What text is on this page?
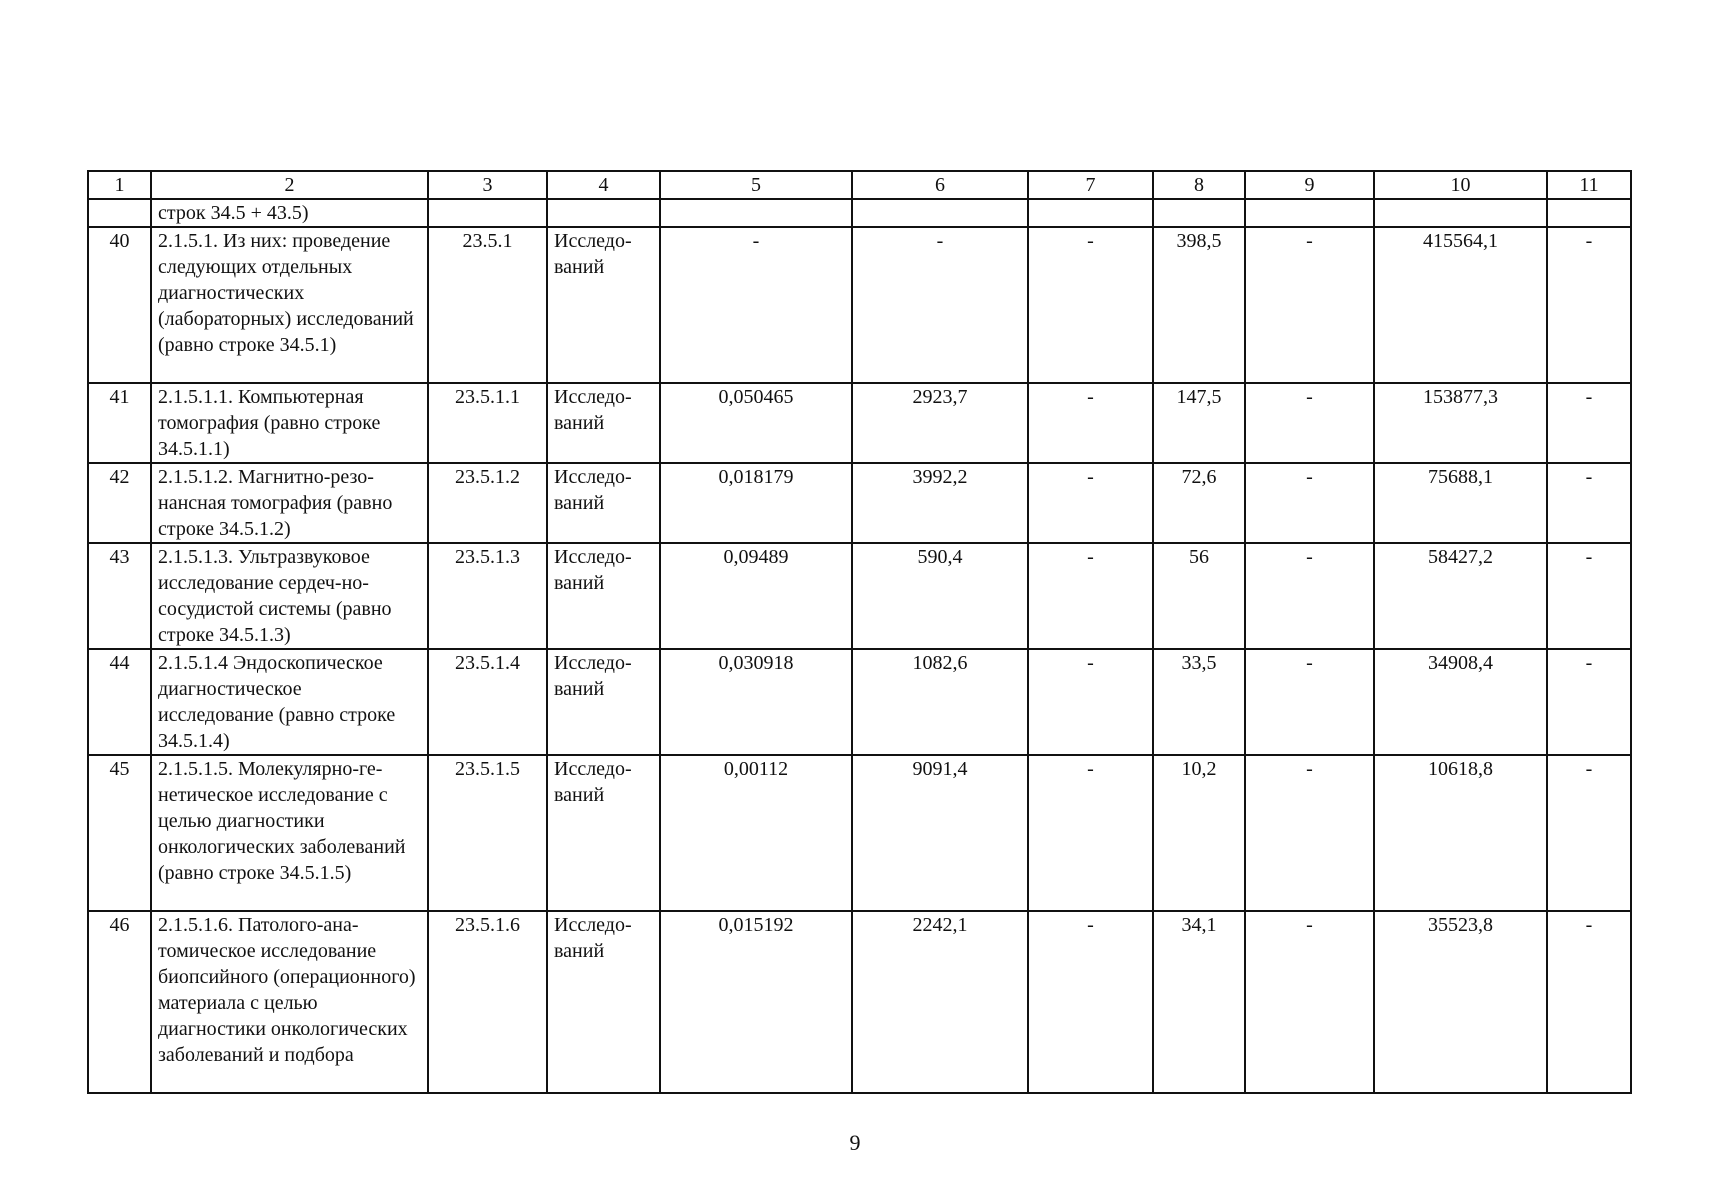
1	2	3	4	5	6	7	8	9	10	11
	строк 34.5 + 43.5)									
40	2.1.5.1. Из них: проведение следующих отдельных диагностических (лабораторных) исследований (равно строке 34.5.1)	23.5.1	Исследо-ваний	-	-	-	398,5	-	415564,1	-
41	2.1.5.1.1. Компьютерная томография (равно строке 34.5.1.1)	23.5.1.1	Исследо-ваний	0,050465	2923,7	-	147,5	-	153877,3	-
42	2.1.5.1.2. Магнитно-резо-нансная томография (равно строке 34.5.1.2)	23.5.1.2	Исследо-ваний	0,018179	3992,2	-	72,6	-	75688,1	-
43	2.1.5.1.3. Ультразвуковое исследование сердеч-но-сосудистой системы (равно строке 34.5.1.3)	23.5.1.3	Исследо-ваний	0,09489	590,4	-	56	-	58427,2	-
44	2.1.5.1.4 Эндоскопическое диагностическое исследование (равно строке 34.5.1.4)	23.5.1.4	Исследо-ваний	0,030918	1082,6	-	33,5	-	34908,4	-
45	2.1.5.1.5. Молекулярно-ге-нетическое исследование с целью диагностики онкологических заболеваний (равно строке 34.5.1.5)	23.5.1.5	Исследо-ваний	0,00112	9091,4	-	10,2	-	10618,8	-
46	2.1.5.1.6. Патолого-ана-томическое исследование биопсийного (операционного) материала с целью диагностики онкологических заболеваний и подбора	23.5.1.6	Исследо-ваний	0,015192	2242,1	-	34,1	-	35523,8	-
9
